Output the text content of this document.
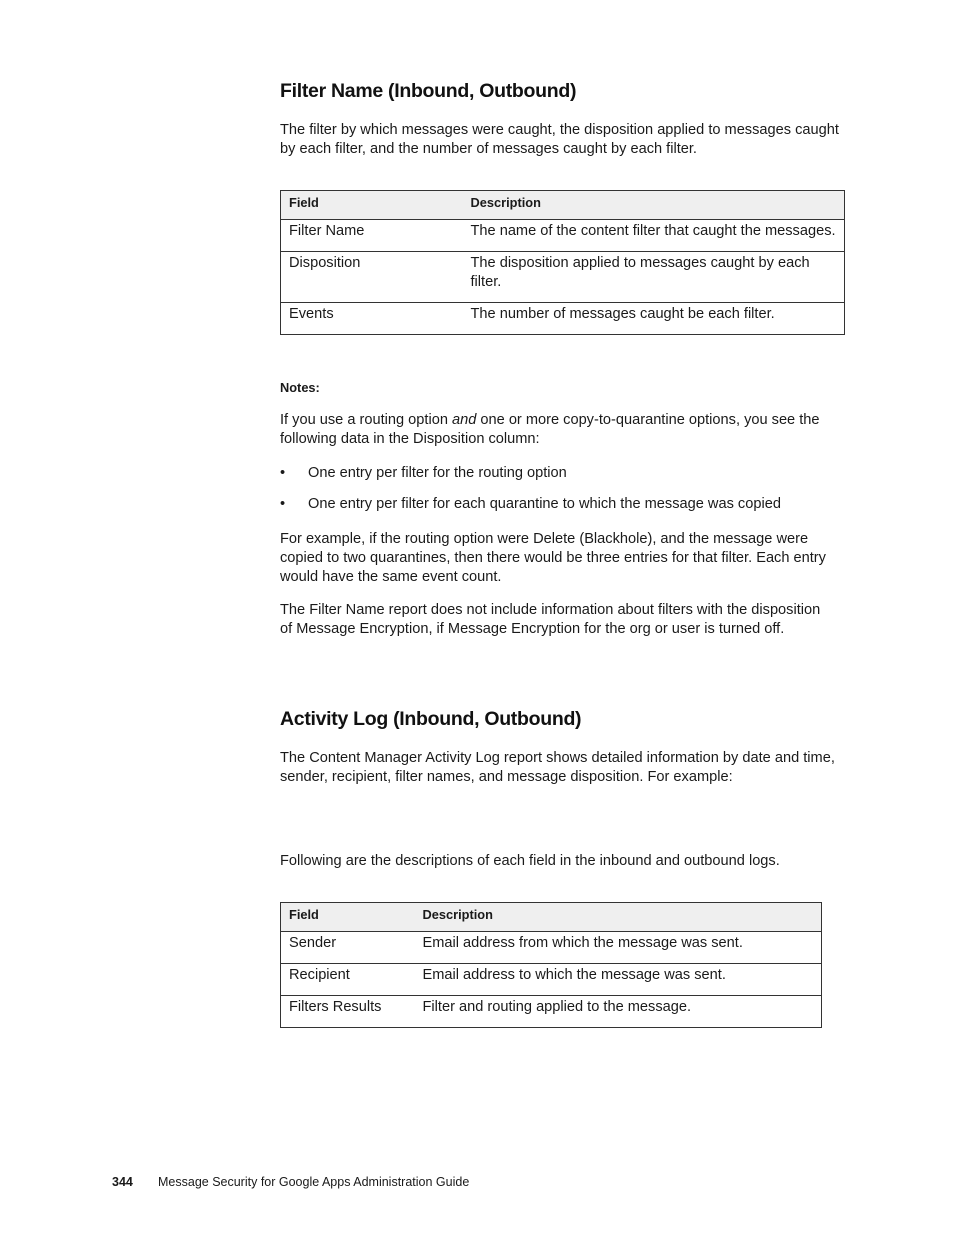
Filter Name (Inbound, Outbound)

The filter by which messages were caught, the disposition applied to messages caught by each filter, and the number of messages caught by each filter.

Field	Description
Filter Name	The name of the content filter that caught the messages.
Disposition	The disposition applied to messages caught by each filter.
Events	The number of messages caught be each filter.
Notes:

If you use a routing option and one or more copy-to-quarantine options, you see the following data in the Disposition column:

• One entry per filter for the routing option
• One entry per filter for each quarantine to which the message was copied

For example, if the routing option were Delete (Blackhole), and the message were copied to two quarantines, then there would be three entries for that filter. Each entry would have the same event count.

The Filter Name report does not include information about filters with the disposition of Message Encryption, if Message Encryption for the org or user is turned off.

Activity Log (Inbound, Outbound)

The Content Manager Activity Log report shows detailed information by date and time, sender, recipient, filter names, and message disposition. For example:

Following are the descriptions of each field in the inbound and outbound logs.

Field	Description
Sender	Email address from which the message was sent.
Recipient	Email address to which the message was sent.
Filters Results	Filter and routing applied to the message.
344 Message Security for Google Apps Administration Guide
